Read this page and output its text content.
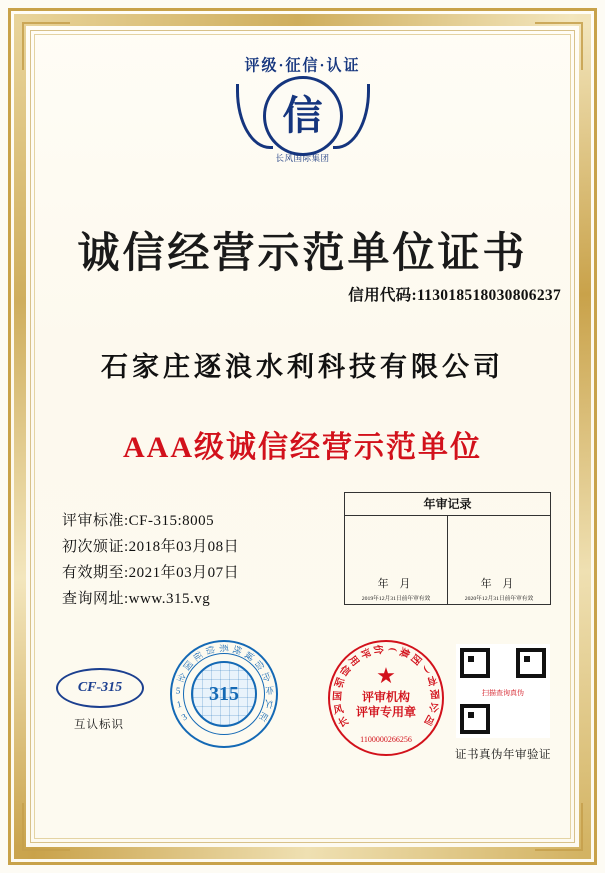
评级·征信·认证
信
长风国际集团
诚信经营示范单位证书
信用代码:113018518030806237
石家庄逐浪水利科技有限公司
AAA级诚信经营示范单位
评审标准:CF-315:8005
初次颁证:2018年03月08日
有效期至:2021年03月07日
查询网址:www.315.vg
年审记录
年 月
2019年12月31日前年审有效
年 月
2020年12月31日前年审有效
CF-315
互认标识
3
1
5
全
国
征 信 系 统 诚
信
企
业
认
证
315
长
风
国
际
信
用
评 价 (
集
团
)
有
限
公
司
★
评审机构
评审专用章
1100000266256
扫描查询真伪
证书真伪年审验证
